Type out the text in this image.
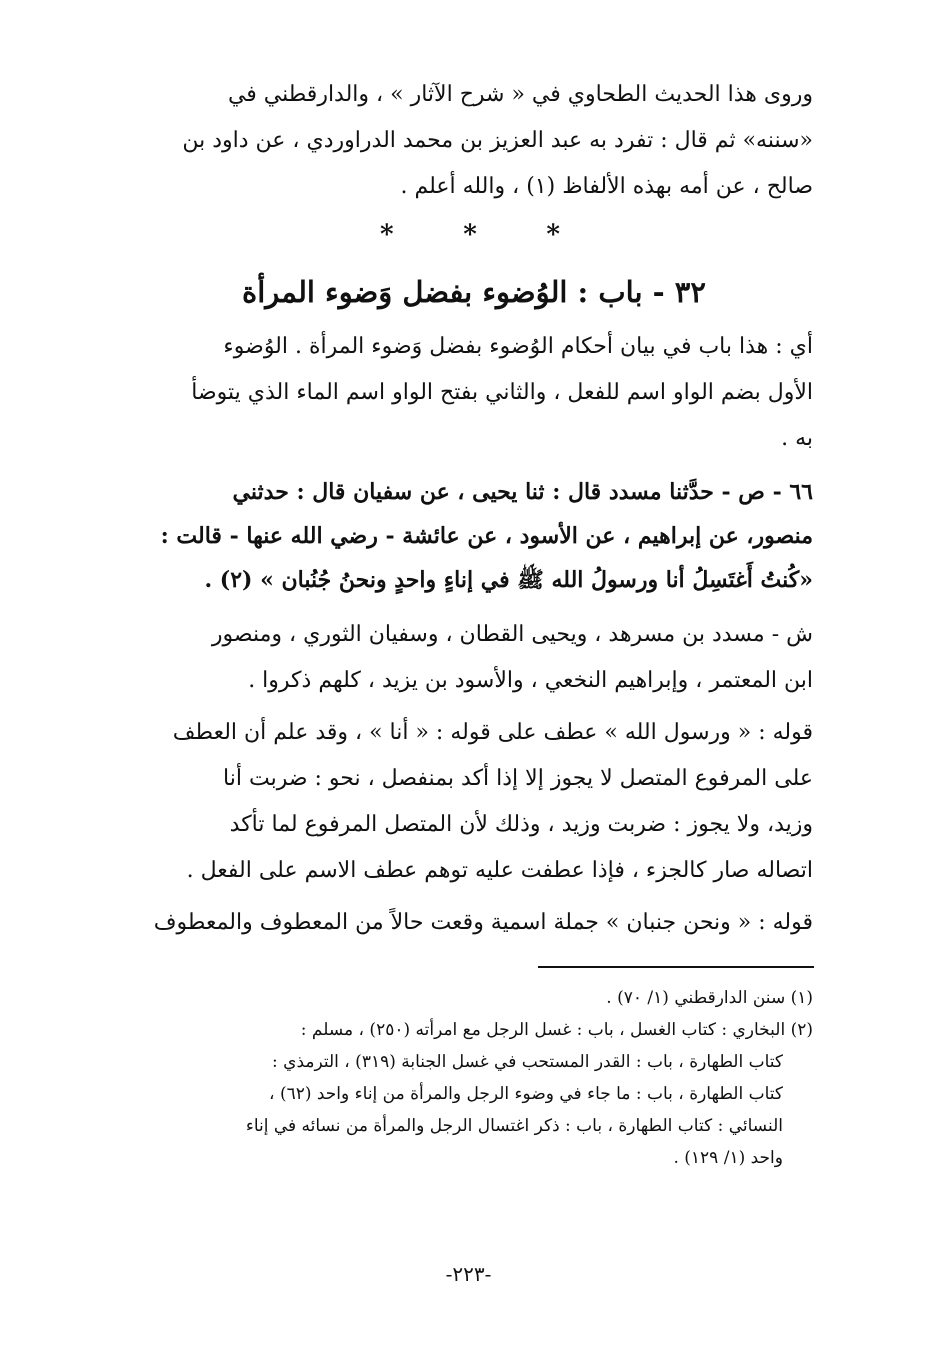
وروى هذا الحديث الطحاوي في « شرح الآثار » ، والدارقطني في
«سننه» ثم قال : تفرد به عبد العزيز بن محمد الدراوردي ، عن داود بن
صالح ، عن أمه بهذه الألفاظ (١) ، والله أعلم .
*	*	*
٣٢ - باب : الوُضوء بفضل وَضوء المرأة
أي : هذا باب في بيان أحكام الوُضوء بفضل وَضوء المرأة . الوُضوء
الأول بضم الواو اسم للفعل ، والثاني بفتح الواو اسم الماء الذي يتوضأ
به .
٦٦ - ص - حدَّثنا مسدد قال : ثنا يحيى ، عن سفيان قال : حدثني
منصور، عن إبراهيم ، عن الأسود ، عن عائشة - رضي الله عنها - قالت :
«كُنتُ أَغتَسِلُ أنا ورسولُ الله ﷺ في إناءٍ واحدٍ ونحنُ جُنُبان » (٢) .
ش - مسدد بن مسرهد ، ويحيى القطان ، وسفيان الثوري ، ومنصور
ابن المعتمر ، وإبراهيم النخعي ، والأسود بن يزيد ، كلهم ذكروا .
قوله : « ورسول الله » عطف على قوله : « أنا » ، وقد علم أن العطف
على المرفوع المتصل لا يجوز إلا إذا أكد بمنفصل ، نحو : ضربت أنا
وزيد، ولا يجوز : ضربت وزيد ، وذلك لأن المتصل المرفوع لما تأكد
اتصاله صار كالجزء ، فإذا عطفت عليه توهم عطف الاسم على الفعل .
قوله : « ونحن جنبان » جملة اسمية وقعت حالاً من المعطوف والمعطوف
(١) سنن الدارقطني (١/ ٧٠) .
(٢) البخاري : كتاب الغسل ، باب : غسل الرجل مع امرأته (٢٥٠) ، مسلم :
كتاب الطهارة ، باب : القدر المستحب في غسل الجنابة (٣١٩) ، الترمذي :
كتاب الطهارة ، باب : ما جاء في وضوء الرجل والمرأة من إناء واحد (٦٢) ،
النسائي : كتاب الطهارة ، باب : ذكر اغتسال الرجل والمرأة من نسائه في إناء
واحد (١/ ١٢٩) .
-٢٢٣-
